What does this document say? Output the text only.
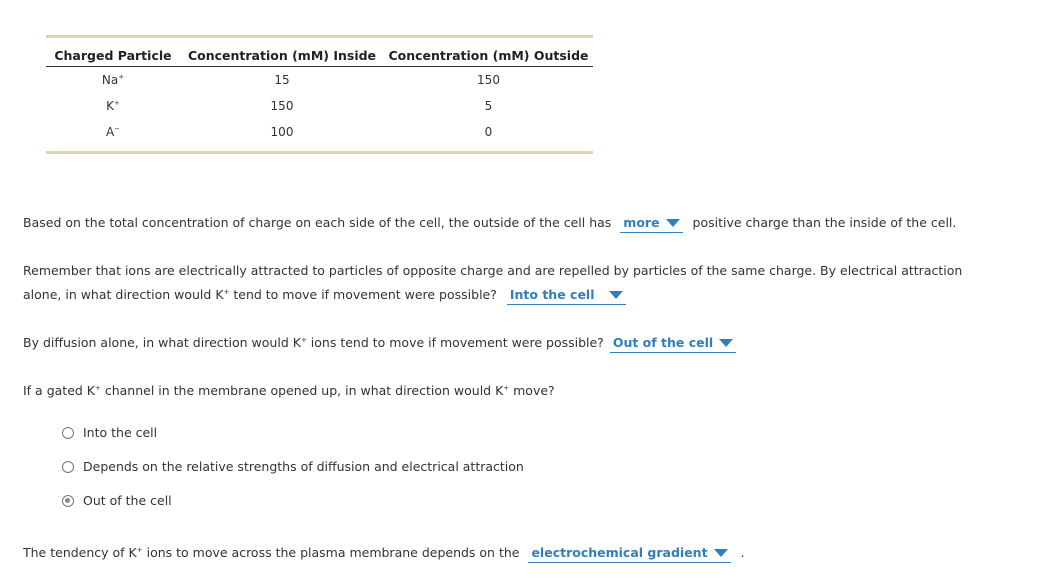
Charged Particle	Concentration (mM) Inside Concentration (mM) Outside
Na+	15	150
K+	150	5
A−	100	0
Based on the total concentration of charge on each side of the cell, the outside of the cell has more	positive charge than the inside of the cell.
Remember that ions are electrically attracted to particles of opposite charge and are repelled by particles of the same charge. By electrical attraction
alone, in what direction would K+ tend to move if movement were possible? Into the cell
By diffusion alone, in what direction would K+ ions tend to move if movement were possible? Out of the cell
If a gated K+ channel in the membrane opened up, in what direction would K+ move?
Into the cell
Depends on the relative strengths of diffusion and electrical attraction
Out of the cell
The tendency of K+ ions to move across the plasma membrane depends on the electrochemical gradient	.
